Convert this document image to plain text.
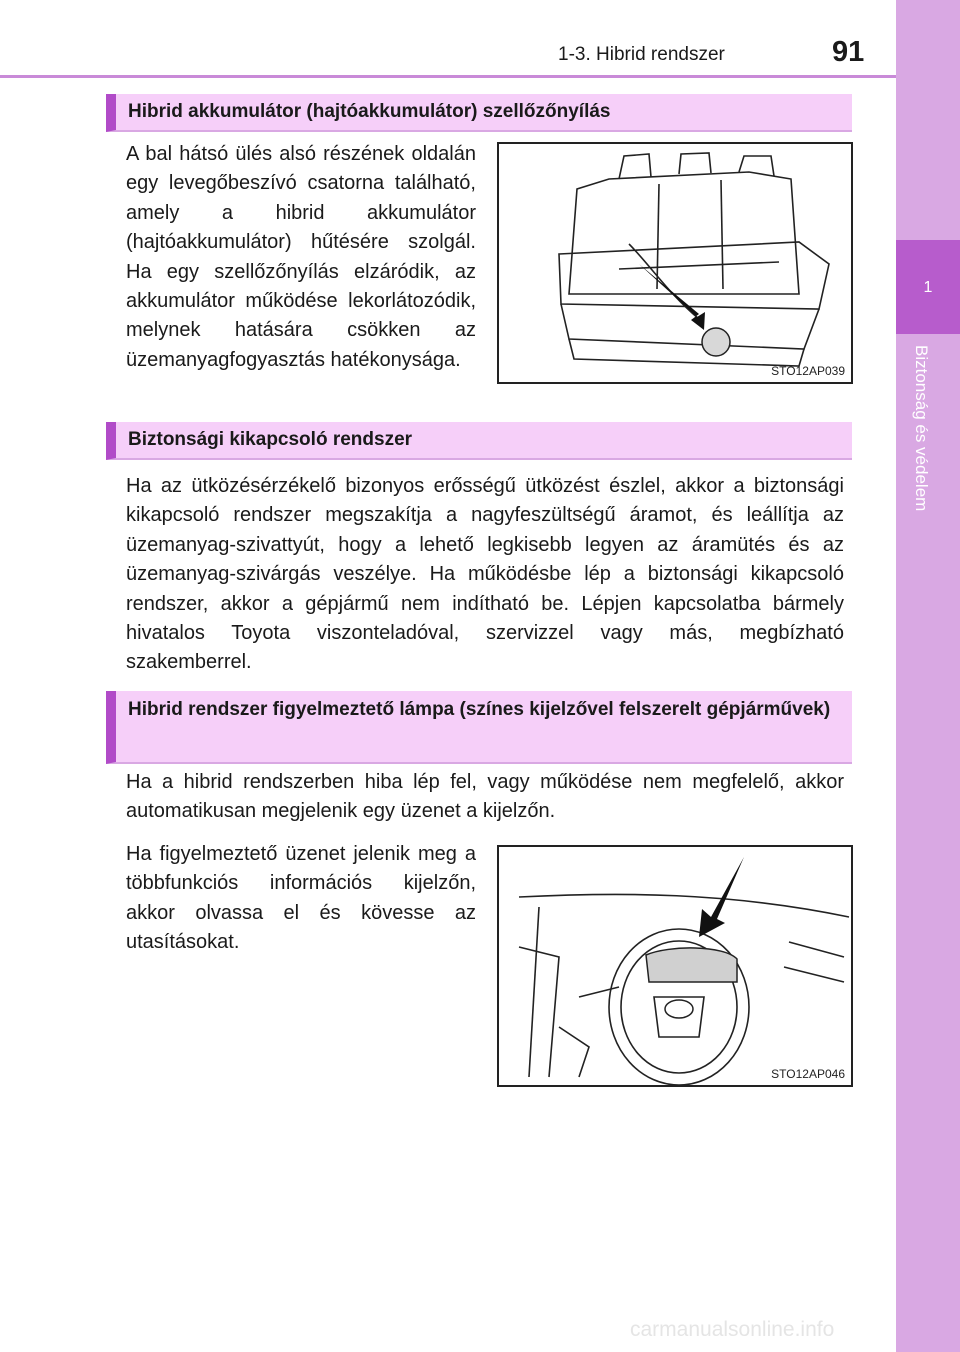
1-3. Hibrid rendszer	91
1
Biztonság és védelem
Hibrid akkumulátor (hajtóakkumulátor) szellőzőnyílás
A bal hátsó ülés alsó részének oldalán egy levegőbeszívó csatorna található, amely a hibrid akkumulátor (hajtóakkumulátor) hűtésére szolgál. Ha egy szellőzőnyílás elzáródik, az akkumulátor működése lekorlátozódik, melynek hatására csökken az üzemanyagfogyasztás hatékonysága.
STO12AP039
Biztonsági kikapcsoló rendszer
Ha az ütközésérzékelő bizonyos erősségű ütközést észlel, akkor a biztonsági kikapcsoló rendszer megszakítja a nagyfeszültségű áramot, és leállítja az üzemanyag-szivattyút, hogy a lehető legkisebb legyen az áramütés és az üzemanyag-szivárgás veszélye. Ha működésbe lép a biztonsági kikapcsoló rendszer, akkor a gépjármű nem indítható be. Lépjen kapcsolatba bármely hivatalos Toyota viszonteladóval, szervizzel vagy más, megbízható szakemberrel.
Hibrid rendszer figyelmeztető lámpa (színes kijelzővel felszerelt gépjárművek)
Ha a hibrid rendszerben hiba lép fel, vagy működése nem megfelelő, akkor automatikusan megjelenik egy üzenet a kijelzőn.
Ha figyelmeztető üzenet jelenik meg a többfunkciós információs kijelzőn, akkor olvassa el és kövesse az utasításokat.
STO12AP046
carmanualsonline.info
